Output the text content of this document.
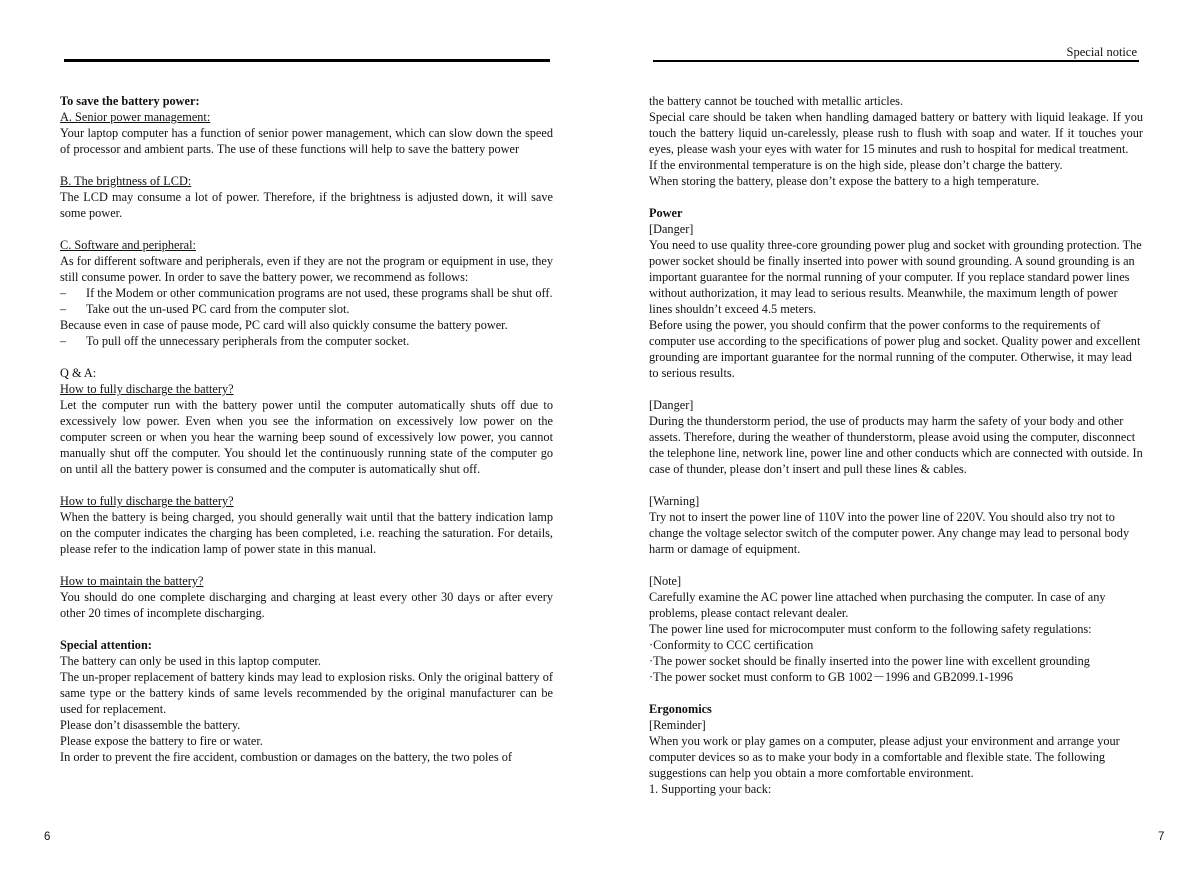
Special notice

To save the battery power:

A. Senior power management:

Your laptop computer has a function of senior power management, which can slow down the speed of processor and ambient parts. The use of these functions will help to save the battery power

B. The brightness of LCD:

The LCD may consume a lot of power. Therefore, if the brightness is adjusted down, it will save some power.

C. Software and peripheral:

As for different software and peripherals, even if they are not the program or equipment in use, they still consume power. In order to save the battery power, we recommend as follows:

–	If the Modem or other communication programs are not used, these programs shall be shut off.
–	Take out the un-used PC card from the computer slot.

Because even in case of pause mode, PC card will also quickly consume the battery power.

–	To pull off the unnecessary peripherals from the computer socket.

Q & A:

How to fully discharge the battery?

Let the computer run with the battery power until the computer automatically shuts off due to excessively low power. Even when you see the information on excessively low power on the computer screen or when you hear the warning beep sound of excessively low power, you cannot manually shut off the computer. You should let the continuously running state of the computer go on until all the battery power is consumed and the computer is automatically shut off.

How to fully discharge the battery?

When the battery is being charged, you should generally wait until that the battery indication lamp on the computer indicates the charging has been completed, i.e. reaching the saturation. For details, please refer to the indication lamp of power state in this manual.

How to maintain the battery?

You should do one complete discharging and charging at least every other 30 days or after every other 20 times of incomplete discharging.

Special attention:

The battery can only be used in this laptop computer.

The un-proper replacement of battery kinds may lead to explosion risks. Only the original battery of same type or the battery kinds of same levels recommended by the original manufacturer can be used for replacement.

Please don’t disassemble the battery.

Please expose the battery to fire or water.

In order to prevent the fire accident, combustion or damages on the battery, the two poles of

the battery cannot be touched with metallic articles.

Special care should be taken when handling damaged battery or battery with liquid leakage. If you touch the battery liquid un-carelessly, please rush to flush with soap and water. If it touches your eyes, please wash your eyes with water for 15 minutes and rush to hospital for medical treatment.

If the environmental temperature is on the high side, please don’t charge the battery.

When storing the battery, please don’t expose the battery to a high temperature.

Power

[Danger]

You need to use quality three-core grounding power plug and socket with grounding protection. The power socket should be finally inserted into power with sound grounding. A sound grounding is an important guarantee for the normal running of your computer. If you replace standard power lines without authorization, it may lead to serious results. Meanwhile, the maximum length of power lines shouldn’t exceed 4.5 meters.

Before using the power, you should confirm that the power conforms to the requirements of computer use according to the specifications of power plug and socket. Quality power and excellent grounding are important guarantee for the normal running of the computer. Otherwise, it may lead to serious results.

[Danger]

During the thunderstorm period, the use of products may harm the safety of your body and other assets. Therefore, during the weather of thunderstorm, please avoid using the computer, disconnect the telephone line, network line, power line and other conducts which are connected with outside. In case of thunder, please don’t insert and pull these lines & cables.

[Warning]

Try not to insert the power line of 110V into the power line of 220V. You should also try not to change the voltage selector switch of the computer power. Any change may lead to personal body harm or damage of equipment.

[Note]

Carefully examine the AC power line attached when purchasing the computer. In case of any problems, please contact relevant dealer.

The power line used for microcomputer must conform to the following safety regulations:

·Conformity to CCC certification

·The power socket should be finally inserted into the power line with excellent grounding

·The power socket must conform to GB 1002－1996 and GB2099.1-1996

Ergonomics

[Reminder]

When you work or play games on a computer, please adjust your environment and arrange your computer devices so as to make your body in a comfortable and flexible state. The following suggestions can help you obtain a more comfortable environment.

1. Supporting your back:

6	7
